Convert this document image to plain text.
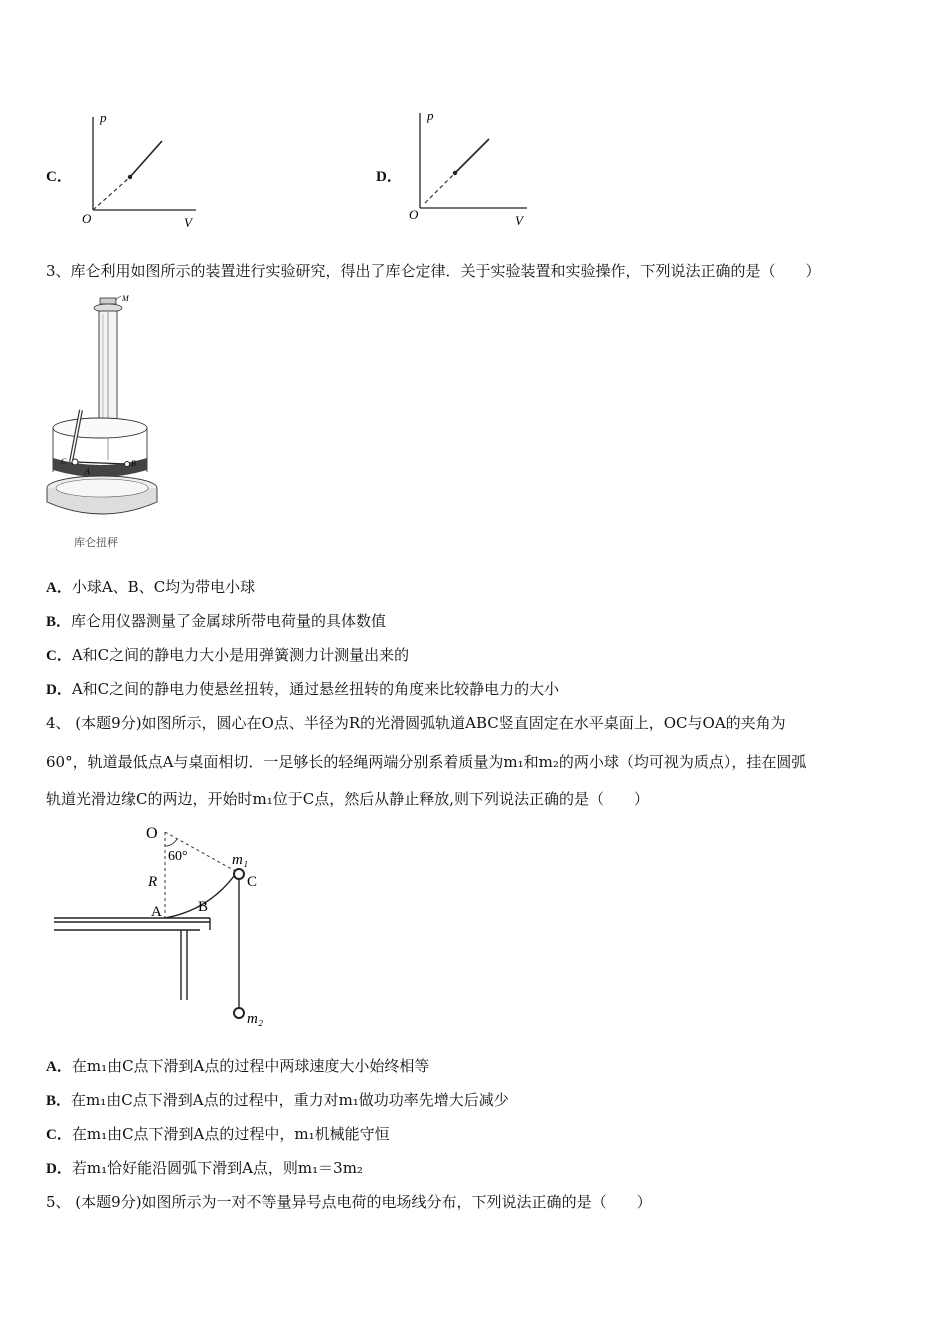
C．
p
V
O
D．
p
V
O
3、库仑利用如图所示的装置进行实验研究，得出了库仑定律．关于实验装置和实验操作，下列说法正确的是（　　）
M
C
A
B
库仑扭秤
A．小球A、B、C均为带电小球
B．库仑用仪器测量了金属球所带电荷量的具体数值
C．A和C之间的静电力大小是用弹簧测力计测量出来的
D．A和C之间的静电力使悬丝扭转，通过悬丝扭转的角度来比较静电力的大小
4、 (本题9分)如图所示，圆心在O点、半径为R的光滑圆弧轨道ABC竖直固定在水平桌面上，OC与OA的夹角为
60°，轨道最低点A与桌面相切．一足够长的轻绳两端分别系着质量为m₁和m₂的两小球（均可视为质点），挂在圆弧
轨道光滑边缘C的两边，开始时m₁位于C点，然后从静止释放,则下列说法正确的是（　　）
O
60°
R
A B
C
m₁
m₂
A．在m₁由C点下滑到A点的过程中两球速度大小始终相等
B．在m₁由C点下滑到A点的过程中，重力对m₁做功功率先增大后减少
C．在m₁由C点下滑到A点的过程中，m₁机械能守恒
D．若m₁恰好能沿圆弧下滑到A点，则m₁＝3m₂
5、 (本题9分)如图所示为一对不等量异号点电荷的电场线分布，下列说法正确的是（　　）
